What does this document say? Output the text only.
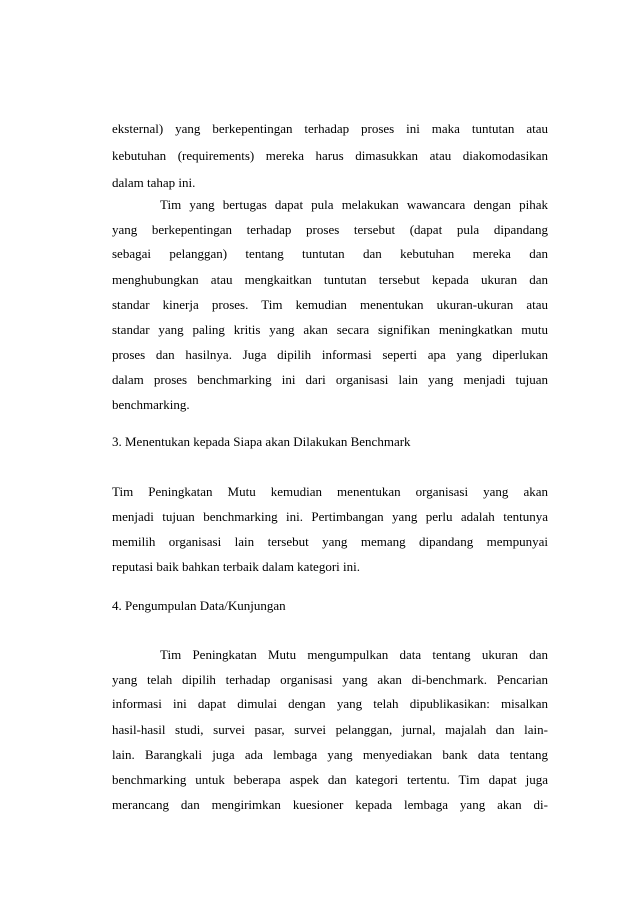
eksternal) yang berkepentingan terhadap proses ini maka tuntutan atau
kebutuhan (requirements) mereka harus dimasukkan atau diakomodasikan
dalam tahap ini.
Tim yang bertugas dapat pula melakukan wawancara dengan pihak
yang berkepentingan terhadap proses tersebut (dapat pula dipandang
sebagai pelanggan) tentang tuntutan dan kebutuhan mereka dan
menghubungkan atau mengkaitkan tuntutan tersebut kepada ukuran dan
standar kinerja proses. Tim kemudian menentukan ukuran-ukuran atau
standar yang paling kritis yang akan secara signifikan meningkatkan mutu
proses dan hasilnya. Juga dipilih informasi seperti apa yang diperlukan
dalam proses benchmarking ini dari organisasi lain yang menjadi tujuan
benchmarking.
3. Menentukan kepada Siapa akan Dilakukan Benchmark
Tim Peningkatan Mutu kemudian menentukan organisasi yang akan
menjadi tujuan benchmarking ini. Pertimbangan yang perlu adalah tentunya
memilih organisasi lain tersebut yang memang dipandang mempunyai
reputasi baik bahkan terbaik dalam kategori ini.
4. Pengumpulan Data/Kunjungan
Tim Peningkatan Mutu mengumpulkan data tentang ukuran dan
yang telah dipilih terhadap organisasi yang akan di-benchmark. Pencarian
informasi ini dapat dimulai dengan yang telah dipublikasikan: misalkan
hasil-hasil studi, survei pasar, survei pelanggan, jurnal, majalah dan lain-
lain. Barangkali juga ada lembaga yang menyediakan bank data tentang
benchmarking untuk beberapa aspek dan kategori tertentu. Tim dapat juga
merancang dan mengirimkan kuesioner kepada lembaga yang akan di-
